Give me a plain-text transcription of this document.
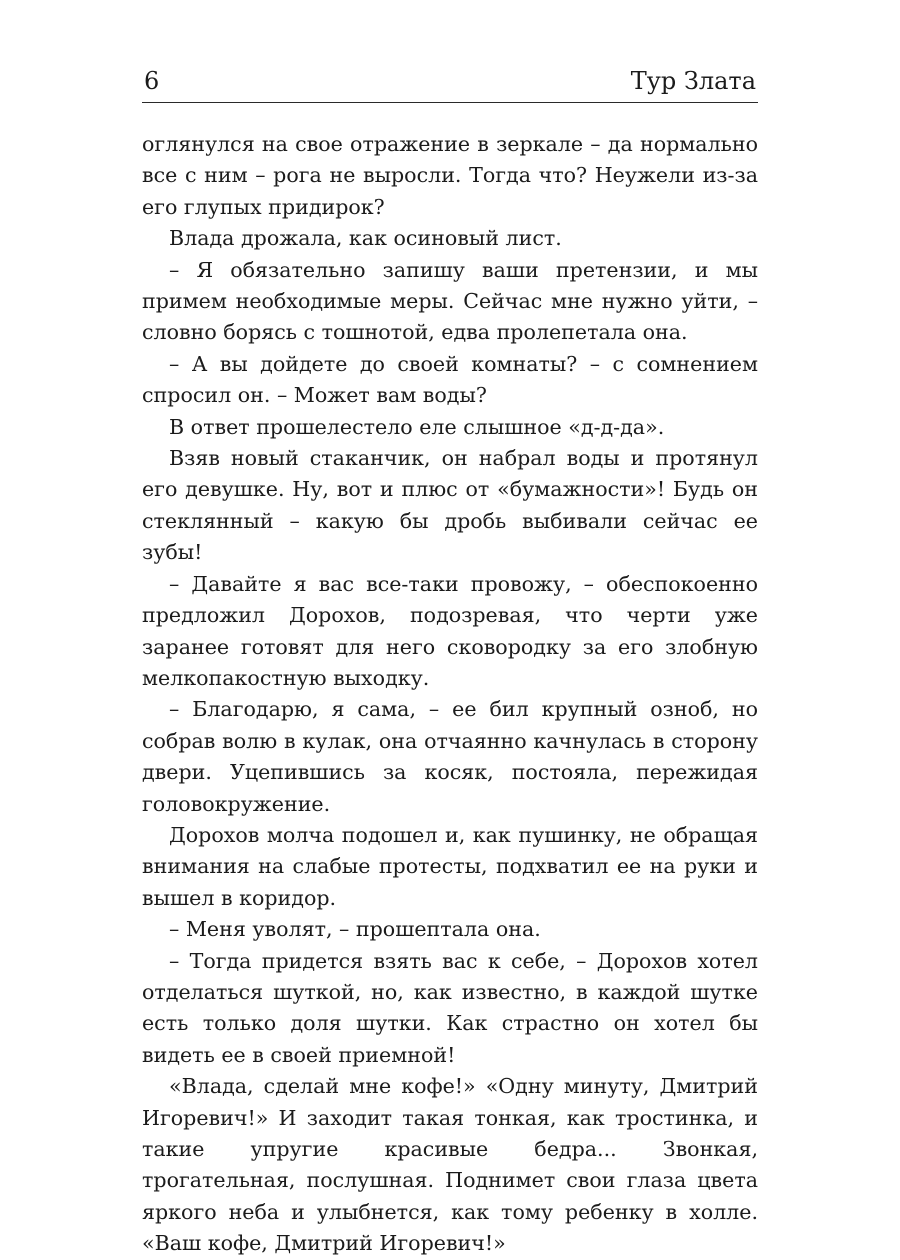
6	Тур Злата

оглянулся на свое отражение в зеркале – да нормально все с ним – рога не выросли. Тогда что? Неужели из-за его глупых придирок?

Влада дрожала, как осиновый лист.

– Я обязательно запишу ваши претензии, и мы примем необходимые меры. Сейчас мне нужно уйти, – словно борясь с тошнотой, едва пролепетала она.

– А вы дойдете до своей комнаты? – с сомнением спросил он. – Может вам воды?

В ответ прошелестело еле слышное «д-д-да».

Взяв новый стаканчик, он набрал воды и протянул его девушке. Ну, вот и плюс от «бумажности»! Будь он стеклянный – какую бы дробь выбивали сейчас ее зубы!

– Давайте я вас все-таки провожу, – обеспокоенно предложил Дорохов, подозревая, что черти уже заранее готовят для него сковородку за его злобную мелкопакостную выходку.

– Благодарю, я сама, – ее бил крупный озноб, но собрав волю в кулак, она отчаянно качнулась в сторону двери. Уцепившись за косяк, постояла, пережидая головокружение.

Дорохов молча подошел и, как пушинку, не обращая внимания на слабые протесты, подхватил ее на руки и вышел в коридор.

– Меня уволят, – прошептала она.

– Тогда придется взять вас к себе, – Дорохов хотел отделаться шуткой, но, как известно, в каждой шутке есть только доля шутки. Как страстно он хотел бы видеть ее в своей приемной!

«Влада, сделай мне кофе!» «Одну минуту, Дмитрий Игоревич!» И заходит такая тонкая, как тростинка, и такие упругие красивые бедра... Звонкая, трогательная, послушная. Поднимет свои глаза цвета яркого неба и улыбнется, как тому ребенку в холле. «Ваш кофе, Дмитрий Игоревич!»
